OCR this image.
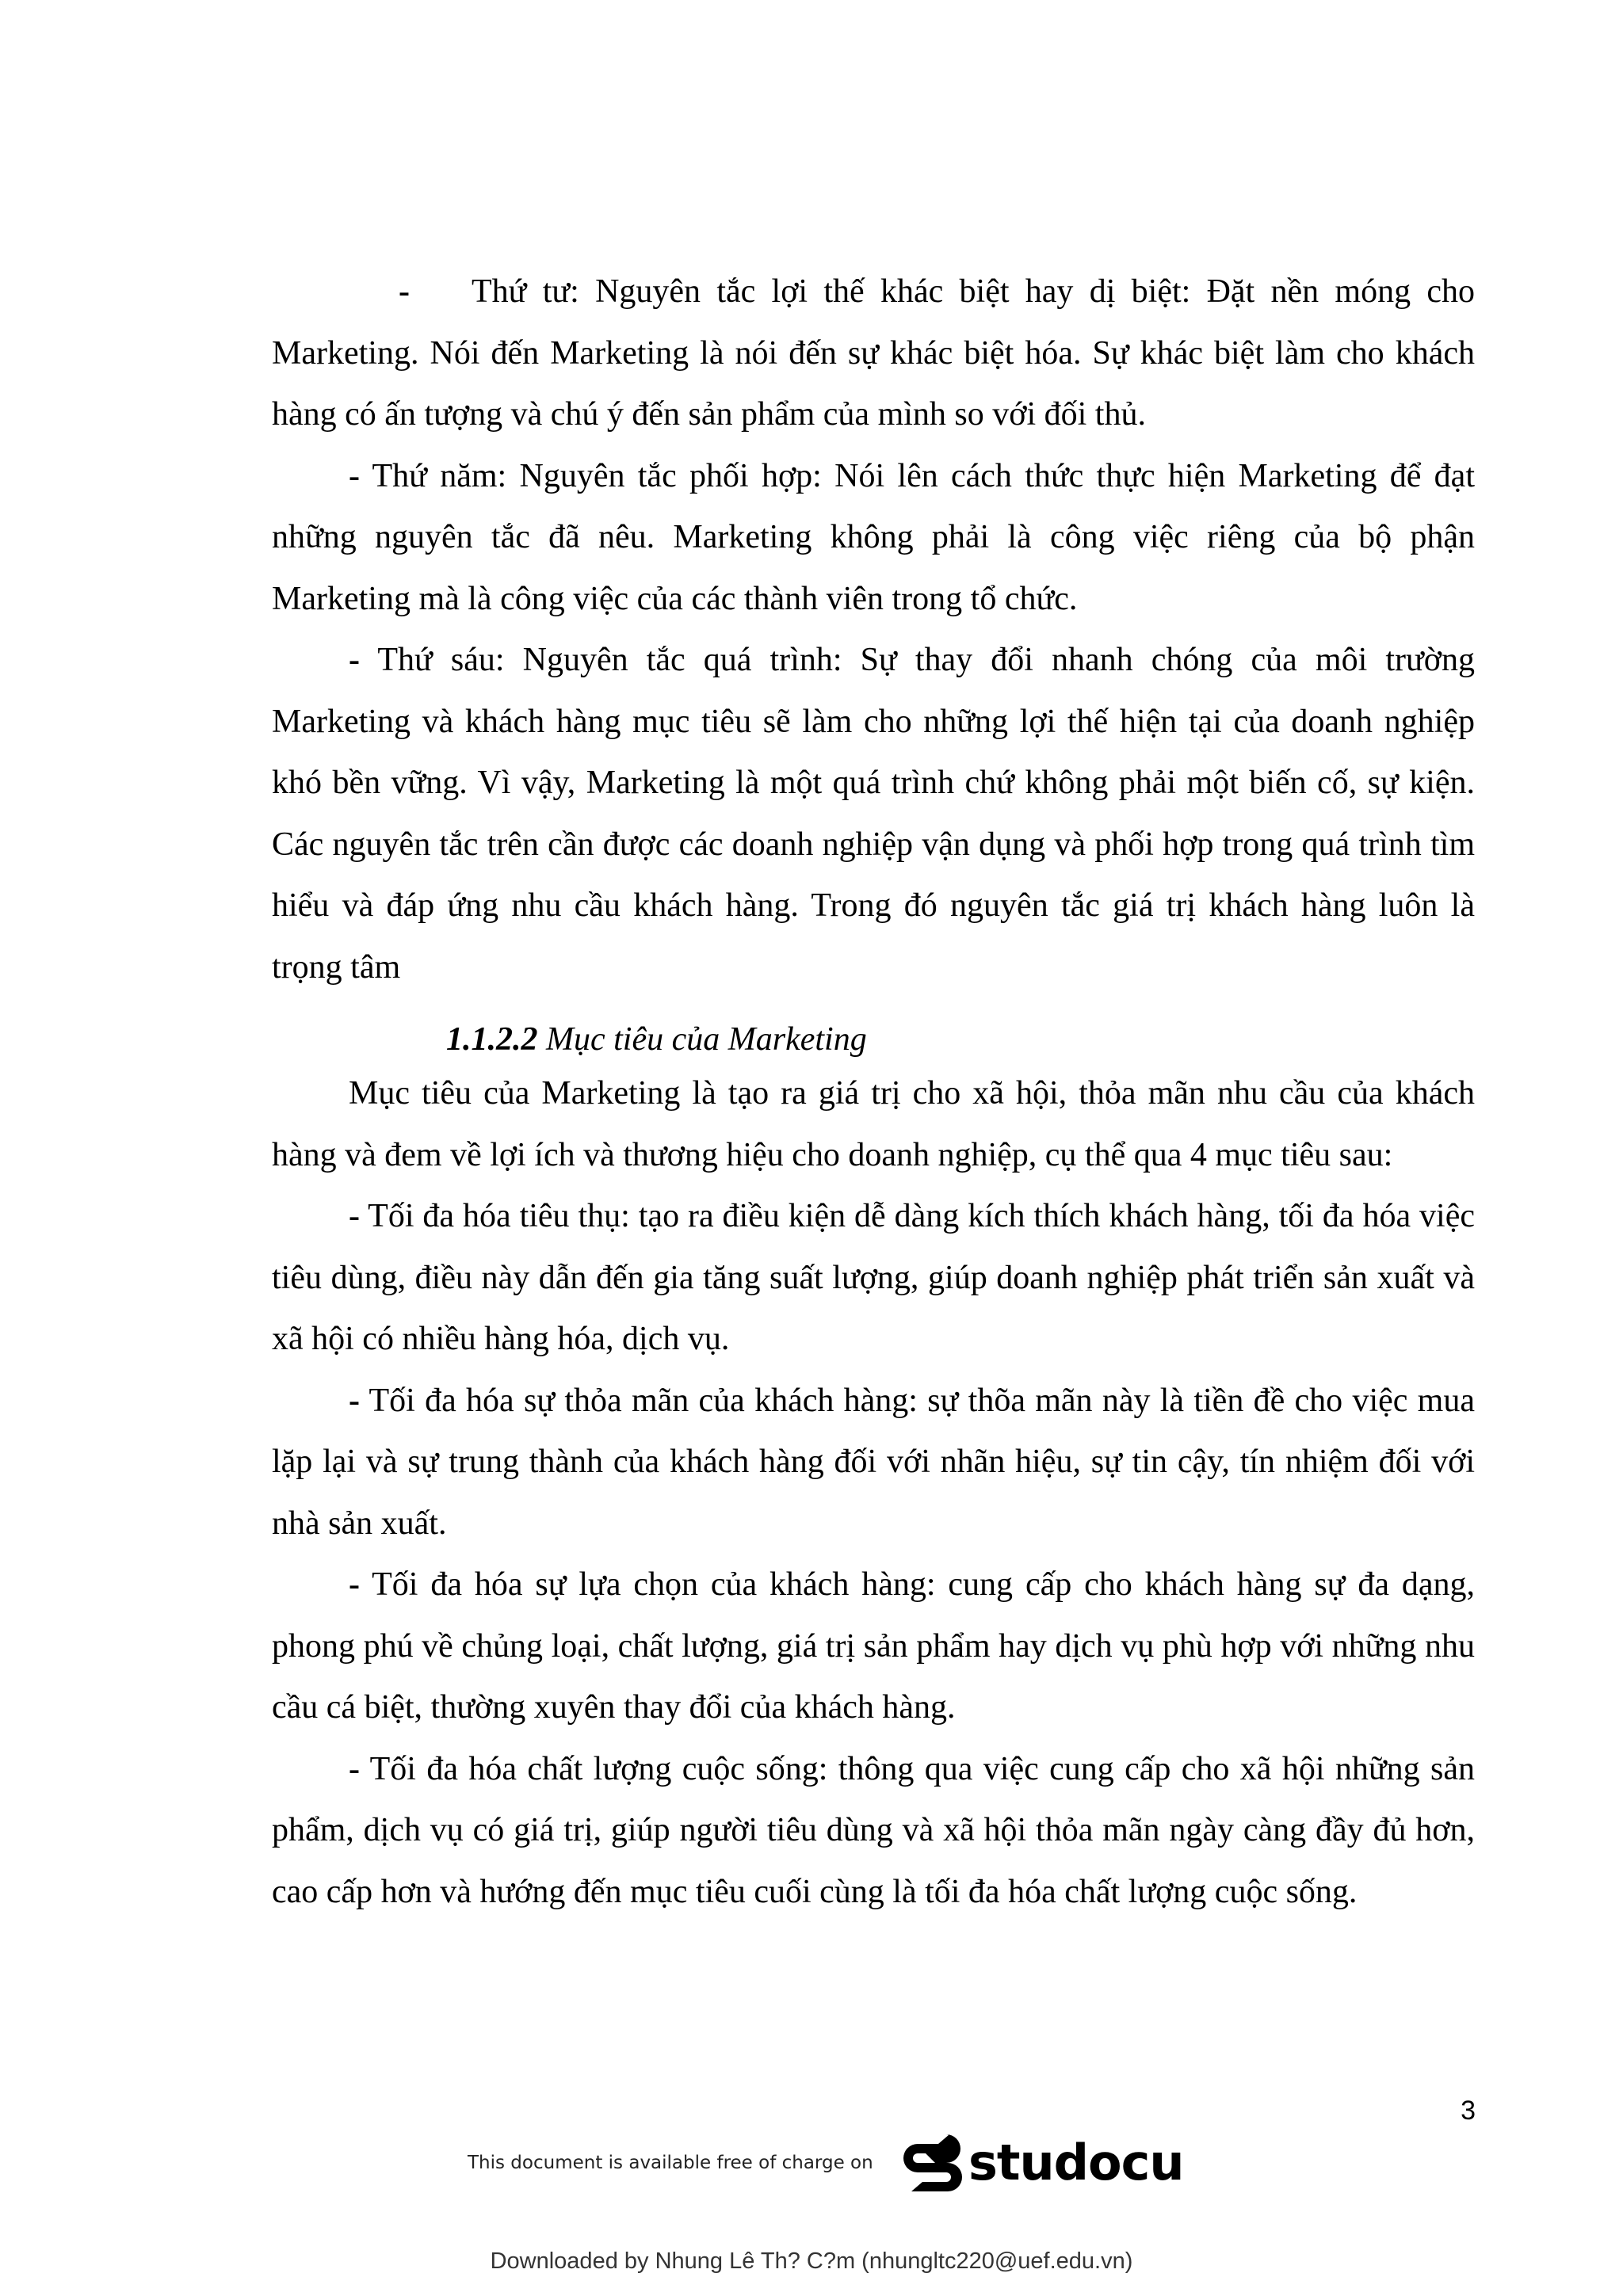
- Thứ tư: Nguyên tắc lợi thế khác biệt hay dị biệt: Đặt nền móng cho Marketing. Nói đến Marketing là nói đến sự khác biệt hóa. Sự khác biệt làm cho khách hàng có ấn tượng và chú ý đến sản phẩm của mình so với đối thủ.

- Thứ năm: Nguyên tắc phối hợp: Nói lên cách thức thực hiện Marketing để đạt những nguyên tắc đã nêu. Marketing không phải là công việc riêng của bộ phận Marketing mà là công việc của các thành viên trong tổ chức.

- Thứ sáu: Nguyên tắc quá trình: Sự thay đổi nhanh chóng của môi trường Marketing và khách hàng mục tiêu sẽ làm cho những lợi thế hiện tại của doanh nghiệp khó bền vững. Vì vậy, Marketing là một quá trình chứ không phải một biến cố, sự kiện. Các nguyên tắc trên cần được các doanh nghiệp vận dụng và phối hợp trong quá trình tìm hiểu và đáp ứng nhu cầu khách hàng. Trong đó nguyên tắc giá trị khách hàng luôn là trọng tâm

1.1.2.2 Mục tiêu của Marketing

Mục tiêu của Marketing là tạo ra giá trị cho xã hội, thỏa mãn nhu cầu của khách hàng và đem về lợi ích và thương hiệu cho doanh nghiệp, cụ thể qua 4 mục tiêu sau:

- Tối đa hóa tiêu thụ: tạo ra điều kiện dễ dàng kích thích khách hàng, tối đa hóa việc tiêu dùng, điều này dẫn đến gia tăng suất lượng, giúp doanh nghiệp phát triển sản xuất và xã hội có nhiều hàng hóa, dịch vụ.

- Tối đa hóa sự thỏa mãn của khách hàng: sự thõa mãn này là tiền đề cho việc mua lặp lại và sự trung thành của khách hàng đối với nhãn hiệu, sự tin cậy, tín nhiệm đối với nhà sản xuất.

- Tối đa hóa sự lựa chọn của khách hàng: cung cấp cho khách hàng sự đa dạng, phong phú về chủng loại, chất lượng, giá trị sản phẩm hay dịch vụ phù hợp với những nhu cầu cá biệt, thường xuyên thay đổi của khách hàng.

- Tối đa hóa chất lượng cuộc sống: thông qua việc cung cấp cho xã hội những sản phẩm, dịch vụ có giá trị, giúp người tiêu dùng và xã hội thỏa mãn ngày càng đầy đủ hơn, cao cấp hơn và hướng đến mục tiêu cuối cùng là tối đa hóa chất lượng cuộc sống.

3
This document is available free of charge on studocu
Downloaded by Nhung Lê Th? C?m (nhungltc220@uef.edu.vn)
